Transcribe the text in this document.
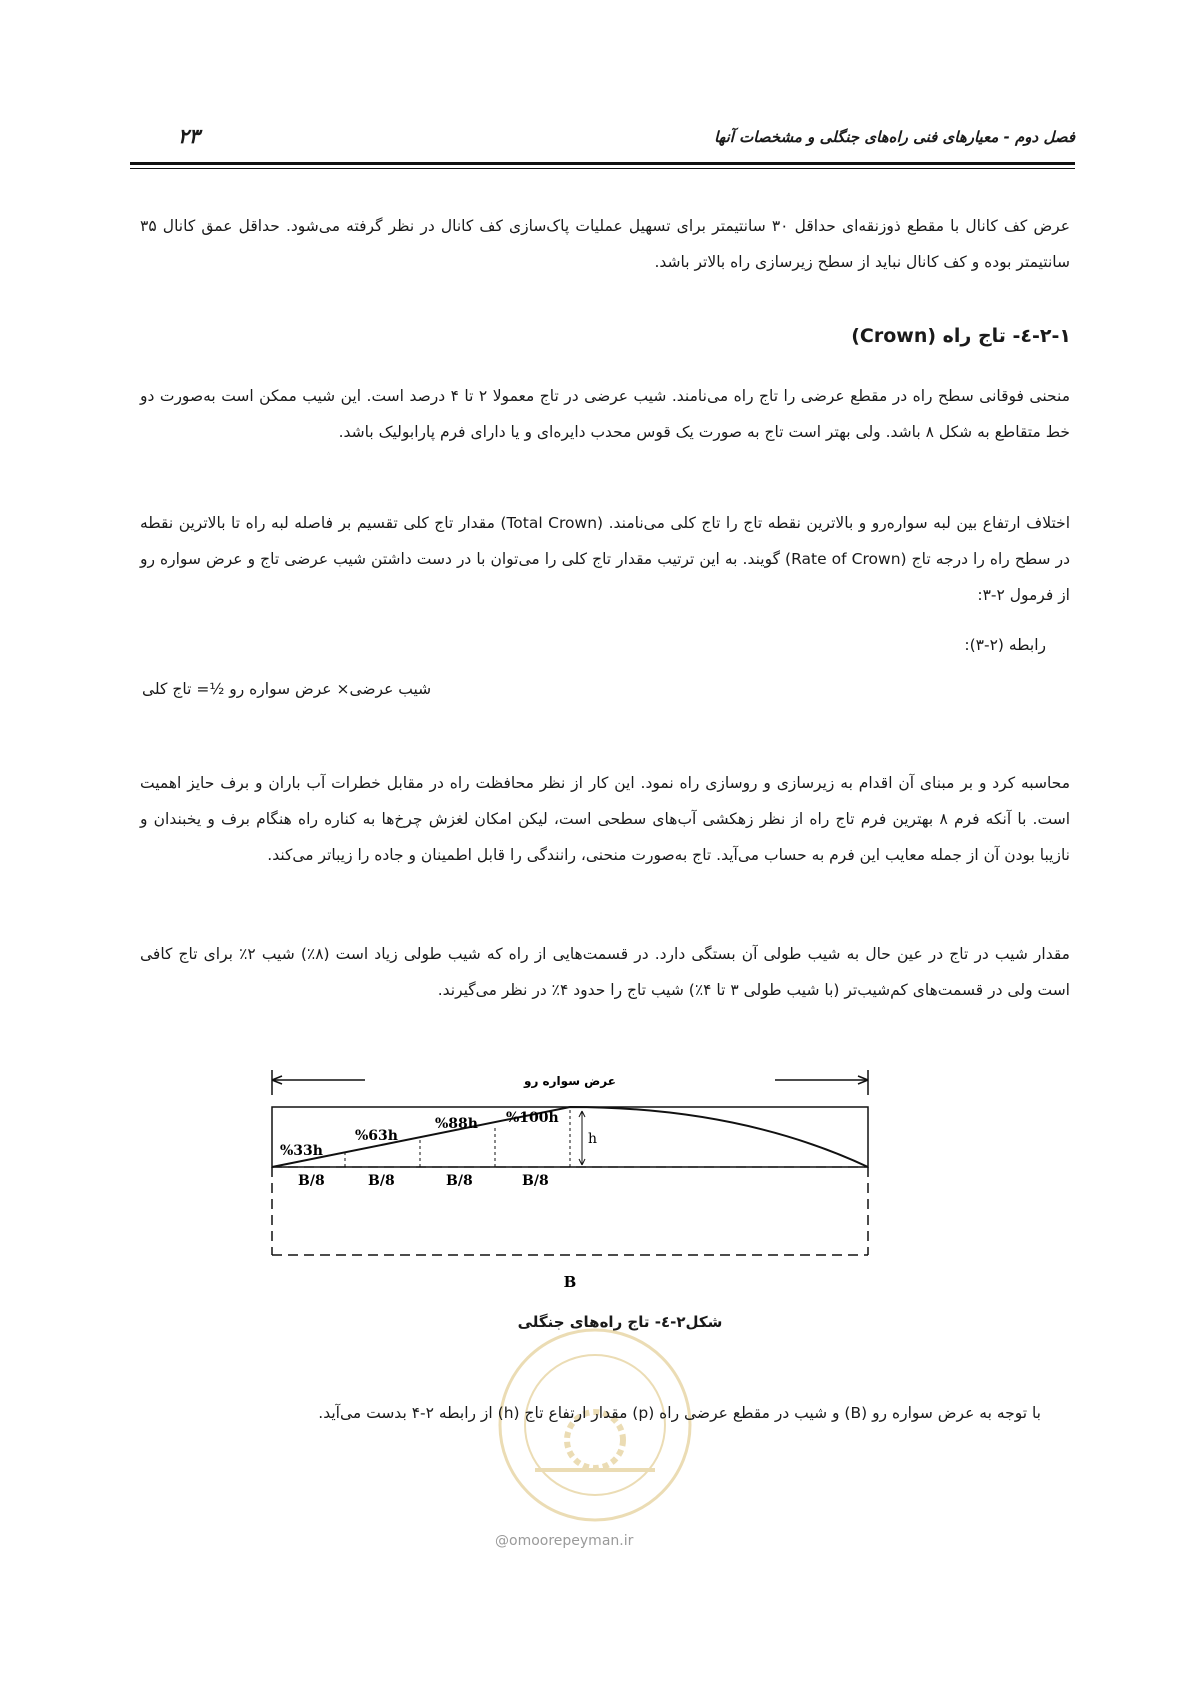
فصل دوم - معیارهای فنی راه‌های جنگلی و مشخصات آنها
۲۳

عرض کف کانال با مقطع ذوزنقه‌ای حداقل ۳۰ سانتیمتر برای تسهیل عملیات پاک‌سازی کف کانال در نظر گرفته می‌شود. حداقل عمق کانال ۳۵ سانتیمتر بوده و کف کانال نباید از سطح زیرسازی راه بالاتر باشد.

۲-۱-٤- تاج راه (Crown)

منحنی فوقانی سطح راه در مقطع عرضی را تاج راه می‌نامند. شیب عرضی در تاج معمولا ۲ تا ۴ درصد است. این شیب ممکن است به‌صورت دو خط متقاطع به شکل ۸ باشد. ولی بهتر است تاج به صورت یک قوس محدب دایره‌ای و یا دارای فرم پارابولیک باشد.

اختلاف ارتفاع بین لبه سواره‌رو و بالاترین نقطه تاج را تاج کلی می‌نامند. (Total Crown) مقدار تاج کلی تقسیم بر فاصله لبه راه تا بالاترین نقطه در سطح راه را درجه تاج (Rate of Crown) گویند. به این ترتیب مقدار تاج کلی را می‌توان با در دست داشتن شیب عرضی تاج و عرض سواره رو از فرمول ۲-۳:

رابطه (۲-۳):
شیب عرضی× عرض سواره رو ½= تاج کلی

محاسبه کرد و بر مبنای آن اقدام به زیرسازی و روسازی راه نمود. این کار از نظر محافظت راه در مقابل خطرات آب باران و برف حایز اهمیت است. با آنکه فرم ۸ بهترین فرم تاج راه از نظر زهکشی آب‌های سطحی است، لیکن امکان لغزش چرخ‌ها به کناره راه هنگام برف و یخبندان و نازیبا بودن آن از جمله معایب این فرم به حساب می‌آید. تاج به‌صورت منحنی، رانندگی را قابل اطمینان و جاده را زیباتر می‌کند.

مقدار شیب در تاج در عین حال به شیب طولی آن بستگی دارد. در قسمت‌هایی از راه که شیب طولی زیاد است (۸٪) شیب ۲٪ برای تاج کافی است ولی در قسمت‌های کم‌شیب‌تر (با شیب طولی ۳ تا ۴٪) شیب تاج را حدود ۴٪ در نظر می‌گیرند.

عرض سواره رو
h
%33h
%63h
%88h %100h
B/8	B/8	B/8	B/8
B
@omoorepeyman.ir
شکل۲-٤- تاج راه‌های جنگلی
با توجه به عرض سواره رو (B) و شیب در مقطع عرضی راه (p) مقدار ارتفاع تاج (h) از رابطه ۲-۴ بدست می‌آید.
